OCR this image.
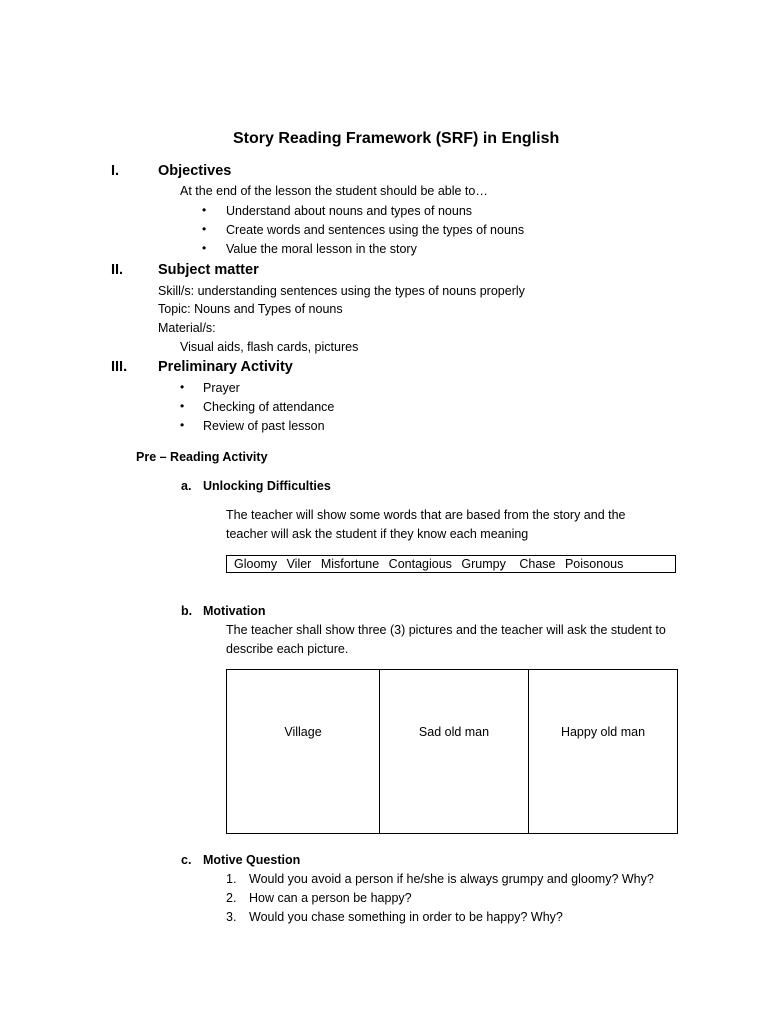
Story Reading Framework (SRF) in English
I.	Objectives
At the end of the lesson the student should be able to…
• Understand about nouns and types of nouns
• Create words and sentences using the types of nouns
• Value the moral lesson in the story
II. Subject matter
Skill/s: understanding sentences using the types of nouns properly
Topic: Nouns and Types of nouns
Material/s:
Visual aids, flash cards, pictures
III. Preliminary Activity
• Prayer
• Checking of attendance
• Review of past lesson
Pre – Reading Activity
a. Unlocking Difficulties
The teacher will show some words that are based from the story and the
teacher will ask the student if they know each meaning
Gloomy Viler Misfortune Contagious Grumpy Chase Poisonous
b. Motivation
The teacher shall show three (3) pictures and the teacher will ask the student to
describe each picture.
Village	Sad old man	Happy old man
c. Motive Question
1. Would you avoid a person if he/she is always grumpy and gloomy? Why?
2. How can a person be happy?
3. Would you chase something in order to be happy? Why?
